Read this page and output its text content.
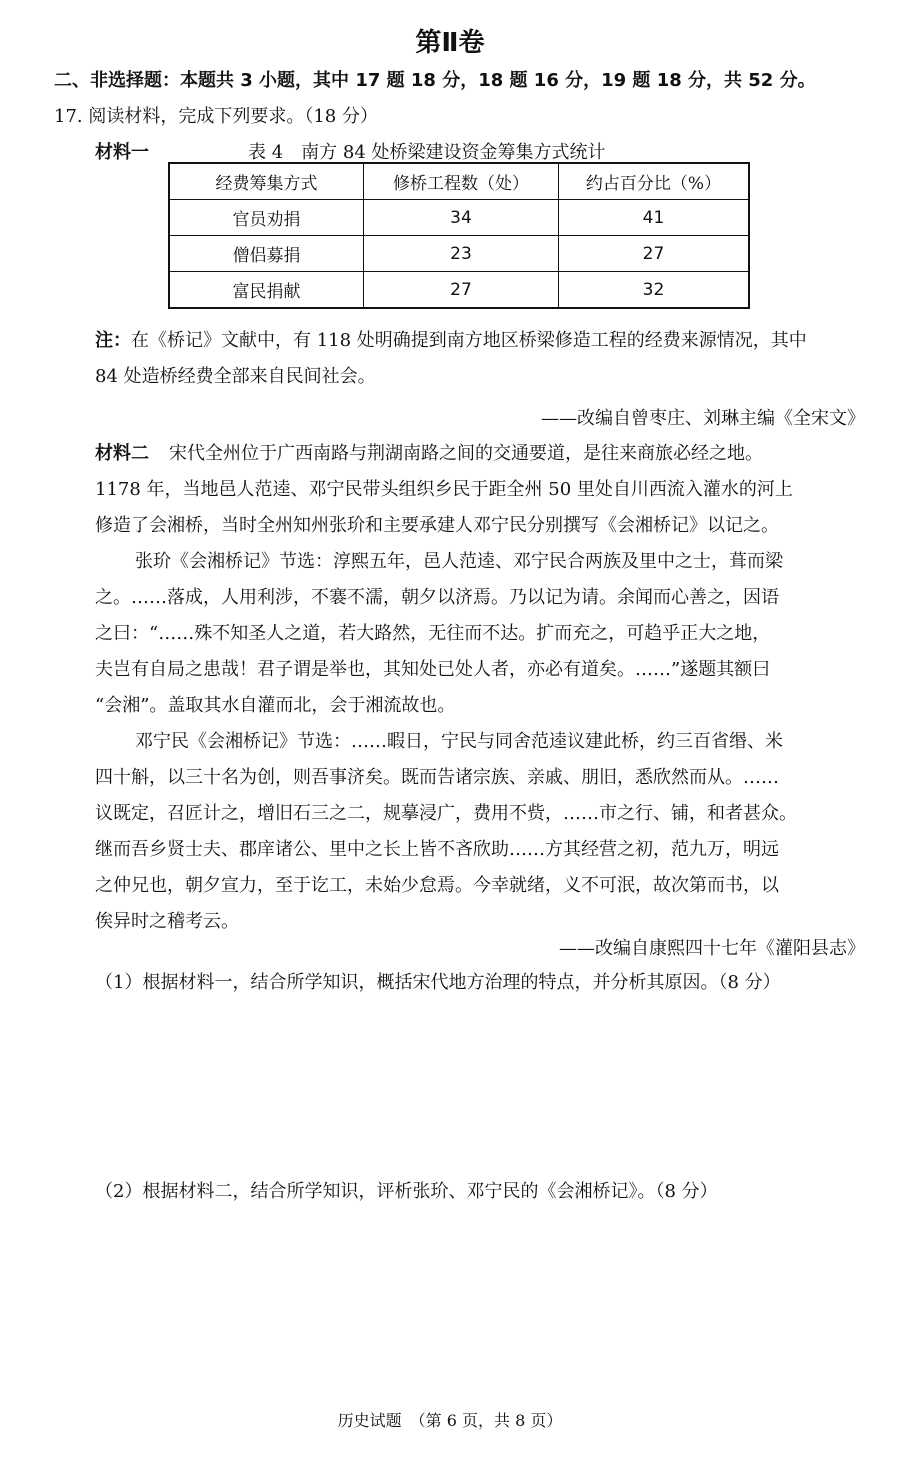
第Ⅱ卷
二、非选择题：本题共 3 小题，其中 17 题 18 分，18 题 16 分，19 题 18 分，共 52 分。
17. 阅读材料，完成下列要求。（18 分）
材料一	表 4　南方 84 处桥梁建设资金筹集方式统计
经费筹集方式	修桥工程数（处）	约占百分比（%）
官员劝捐	34	41
僧侣募捐	23	27
富民捐献	27	32
注：在《桥记》文献中，有 118 处明确提到南方地区桥梁修造工程的经费来源情况，其中
84 处造桥经费全部来自民间社会。
——改编自曾枣庄、刘琳主编《全宋文》
材料二 宋代全州位于广西南路与荆湖南路之间的交通要道，是往来商旅必经之地。
1178 年，当地邑人范逵、邓宁民带头组织乡民于距全州 50 里处自川西流入灌水的河上
修造了会湘桥，当时全州知州张玠和主要承建人邓宁民分别撰写《会湘桥记》以记之。
张玠《会湘桥记》节选：淳熙五年，邑人范逵、邓宁民合两族及里中之士，葺而梁
之。……落成，人用利涉，不褰不濡，朝夕以济焉。乃以记为请。余闻而心善之，因语
之曰：“……殊不知圣人之道，若大路然，无往而不达。扩而充之，可趋乎正大之地，
夫岂有自局之患哉！君子谓是举也，其知处已处人者，亦必有道矣。……”遂题其额曰
“会湘”。盖取其水自灌而北，会于湘流故也。
邓宁民《会湘桥记》节选：……暇日，宁民与同舍范逵议建此桥，约三百省缗、米
四十斛，以三十名为创，则吾事济矣。既而告诸宗族、亲戚、朋旧，悉欣然而从。……
议既定，召匠计之，增旧石三之二，规摹浸广，费用不赀，……市之行、铺，和者甚众。
继而吾乡贤士夫、郡庠诸公、里中之长上皆不吝欣助……方其经营之初，范九万，明远
之仲兄也，朝夕宣力，至于讫工，未始少怠焉。今幸就绪，义不可泯，故次第而书，以
俟异时之稽考云。
——改编自康熙四十七年《灌阳县志》
（1）根据材料一，结合所学知识，概括宋代地方治理的特点，并分析其原因。（8 分）
（2）根据材料二，结合所学知识，评析张玠、邓宁民的《会湘桥记》。（8 分）
历史试题　（第 6 页，共 8 页）
